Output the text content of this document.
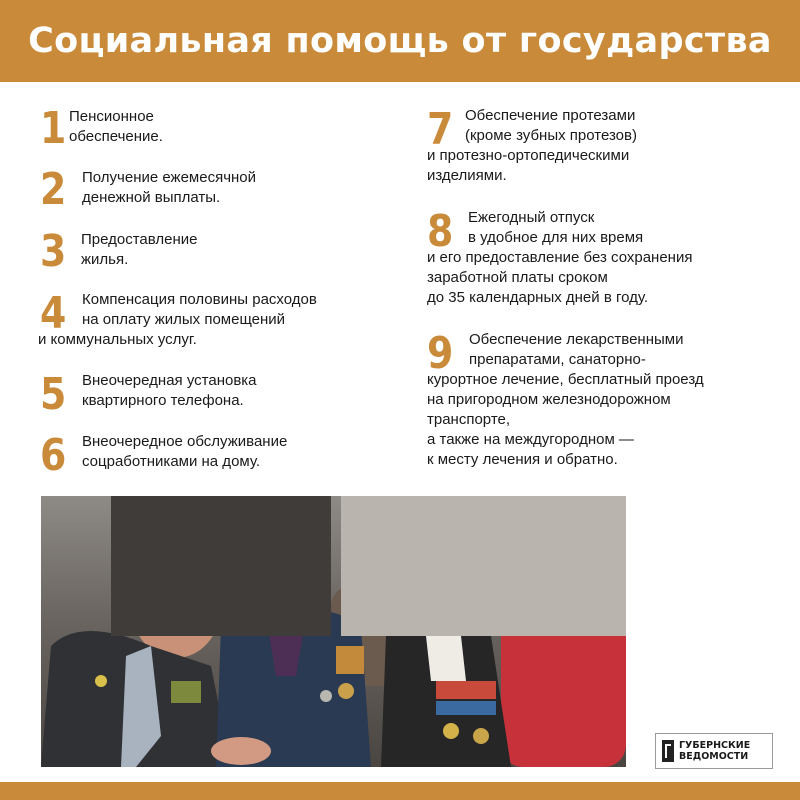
Социальная помощь от государства
1 Пенсионное
обеспечение.
2 Получение ежемесячной
денежной выплаты.
3 Предоставление
жилья.
4 Компенсация половины расходов
на оплату жилых помещений
и коммунальных услуг.
5 Внеочередная установка
квартирного телефона.
6 Внеочередное обслуживание
соцработниками на дому.
7 Обеспечение протезами
(кроме зубных протезов)
и протезно-ортопедическими
изделиями.
8 Ежегодный отпуск
в удобное для них время
и его предоставление без сохранения
заработной платы сроком
до 35 календарных дней в году.
9 Обеспечение лекарственными
препаратами, санаторно-
курортное лечение, бесплатный проезд
на пригородном железнодорожном
транспорте,
а также на междугородном —
к месту лечения и обратно.
ГУБЕРНСКИЕ
ВЕДОМОСТИ
